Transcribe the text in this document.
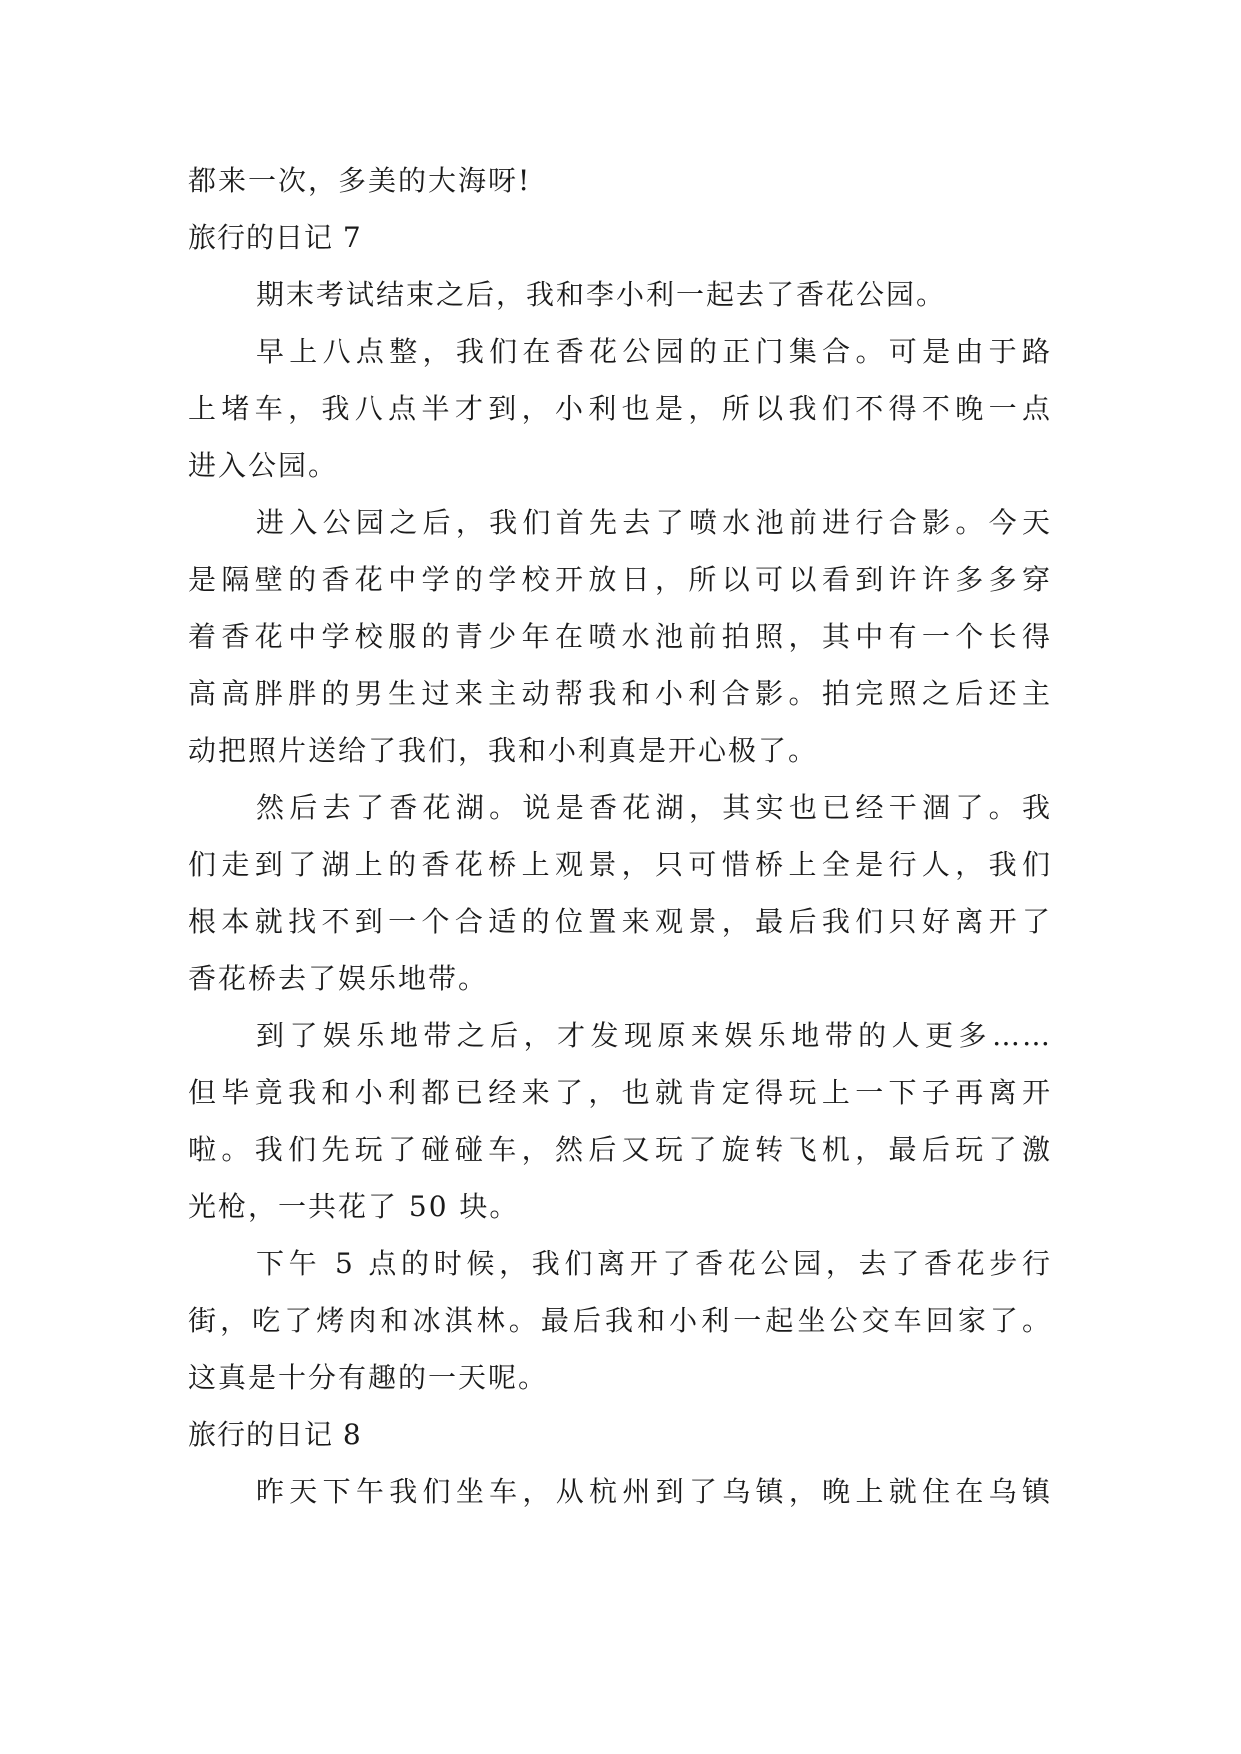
都来一次，多美的大海呀!
旅行的日记 7
期末考试结束之后，我和李小利一起去了香花公园。
早上八点整，我们在香花公园的正门集合。可是由于路
上堵车，我八点半才到，小利也是，所以我们不得不晚一点
进入公园。
进入公园之后，我们首先去了喷水池前进行合影。今天
是隔壁的香花中学的学校开放日，所以可以看到许许多多穿
着香花中学校服的青少年在喷水池前拍照，其中有一个长得
高高胖胖的男生过来主动帮我和小利合影。拍完照之后还主
动把照片送给了我们，我和小利真是开心极了。
然后去了香花湖。说是香花湖，其实也已经干涸了。我
们走到了湖上的香花桥上观景，只可惜桥上全是行人，我们
根本就找不到一个合适的位置来观景，最后我们只好离开了
香花桥去了娱乐地带。
到了娱乐地带之后，才发现原来娱乐地带的人更多……
但毕竟我和小利都已经来了，也就肯定得玩上一下子再离开
啦。我们先玩了碰碰车，然后又玩了旋转飞机，最后玩了激
光枪，一共花了 50 块。
下午 5 点的时候，我们离开了香花公园，去了香花步行
街，吃了烤肉和冰淇林。最后我和小利一起坐公交车回家了。
这真是十分有趣的一天呢。
旅行的日记 8
昨天下午我们坐车，从杭州到了乌镇，晚上就住在乌镇
